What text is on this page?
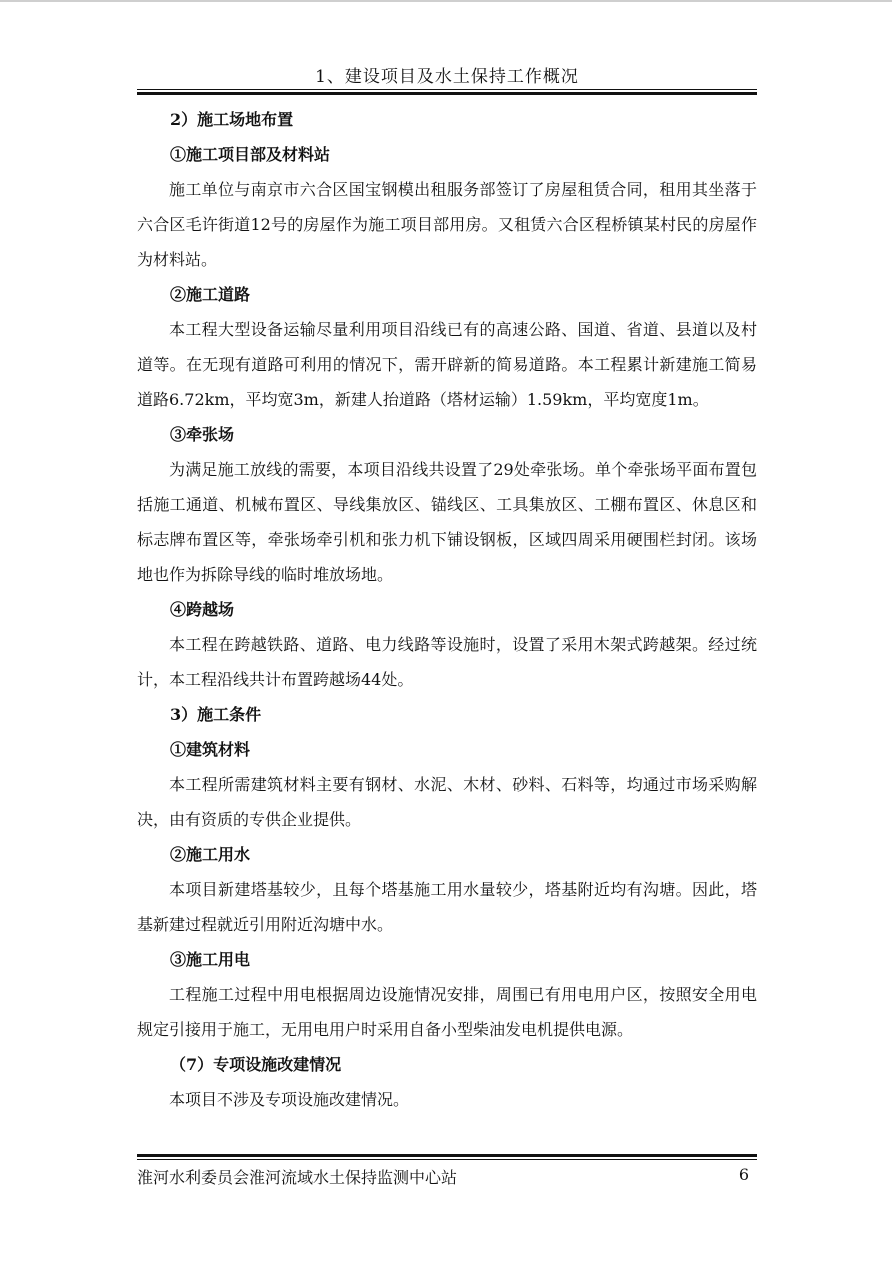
1、建设项目及水土保持工作概况

2）施工场地布置

①施工项目部及材料站

施工单位与南京市六合区国宝钢模出租服务部签订了房屋租赁合同，租用其坐落于六合区毛许街道12号的房屋作为施工项目部用房。又租赁六合区程桥镇某村民的房屋作为材料站。

②施工道路

本工程大型设备运输尽量利用项目沿线已有的高速公路、国道、省道、县道以及村道等。在无现有道路可利用的情况下，需开辟新的简易道路。本工程累计新建施工简易道路6.72km，平均宽3m，新建人抬道路（塔材运输）1.59km，平均宽度1m。

③牵张场

为满足施工放线的需要，本项目沿线共设置了29处牵张场。单个牵张场平面布置包括施工通道、机械布置区、导线集放区、锚线区、工具集放区、工棚布置区、休息区和标志牌布置区等，牵张场牵引机和张力机下铺设钢板，区域四周采用硬围栏封闭。该场地也作为拆除导线的临时堆放场地。

④跨越场

本工程在跨越铁路、道路、电力线路等设施时，设置了采用木架式跨越架。经过统计，本工程沿线共计布置跨越场44处。

3）施工条件

①建筑材料

本工程所需建筑材料主要有钢材、水泥、木材、砂料、石料等，均通过市场采购解决，由有资质的专供企业提供。

②施工用水

本项目新建塔基较少，且每个塔基施工用水量较少，塔基附近均有沟塘。因此，塔基新建过程就近引用附近沟塘中水。

③施工用电

工程施工过程中用电根据周边设施情况安排，周围已有用电用户区，按照安全用电规定引接用于施工，无用电用户时采用自备小型柴油发电机提供电源。

（7）专项设施改建情况

本项目不涉及专项设施改建情况。

淮河水利委员会淮河流域水土保持监测中心站	6
